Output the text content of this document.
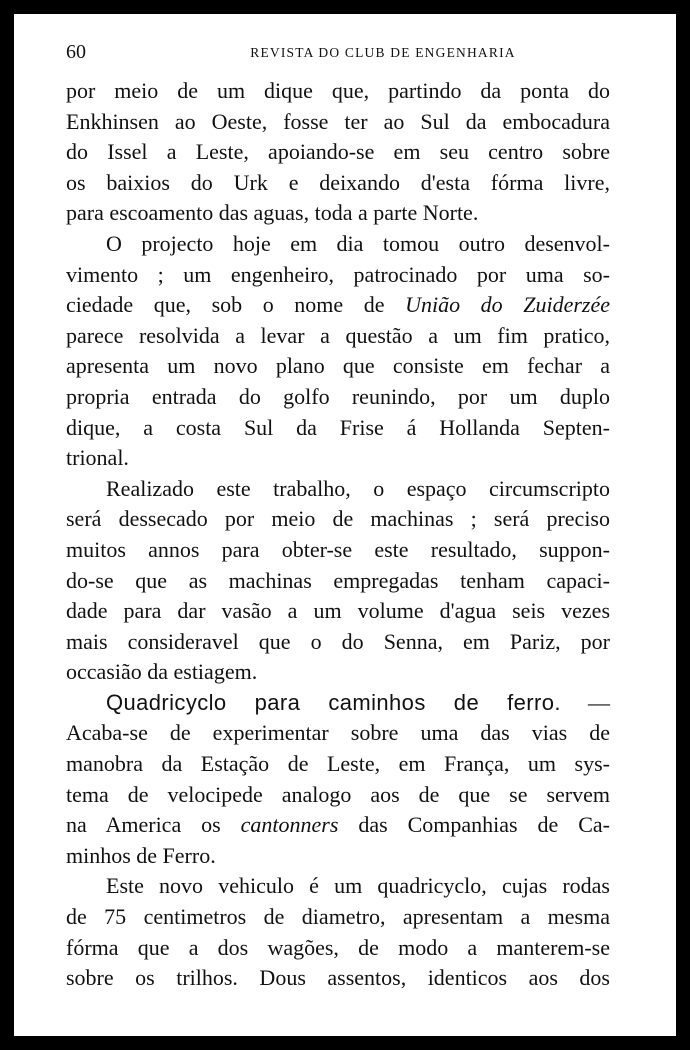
60	REVISTA DO CLUB DE ENGENHARIA

por meio de um dique que, partindo da ponta do
Enkhinsen ao Oeste, fosse ter ao Sul da embocadura
do Issel a Leste, apoiando-se em seu centro sobre
os baixios do Urk e deixando d'esta fórma livre,
para escoamento das aguas, toda a parte Norte.

O projecto hoje em dia tomou outro desenvol-
vimento ; um engenheiro, patrocinado por uma so-
ciedade que, sob o nome de União do Zuiderzée
parece resolvida a levar a questão a um fim pratico,
apresenta um novo plano que consiste em fechar a
propria entrada do golfo reunindo, por um duplo
dique, a costa Sul da Frise á Hollanda Septen-
trional.

Realizado este trabalho, o espaço circumscripto
será dessecado por meio de machinas ; será preciso
muitos annos para obter-se este resultado, suppon-
do-se que as machinas empregadas tenham capaci-
dade para dar vasão a um volume d'agua seis vezes
mais consideravel que o do Senna, em Pariz, por
occasião da estiagem.

Quadricyclo para caminhos de ferro. —
Acaba-se de experimentar sobre uma das vias de
manobra da Estação de Leste, em França, um sys-
tema de velocipede analogo aos de que se servem
na America os cantonners das Companhias de Ca-
minhos de Ferro.

Este novo vehiculo é um quadricyclo, cujas rodas
de 75 centimetros de diametro, apresentam a mesma
fórma que a dos wagões, de modo a manterem-se
sobre os trilhos. Dous assentos, identicos aos dos
